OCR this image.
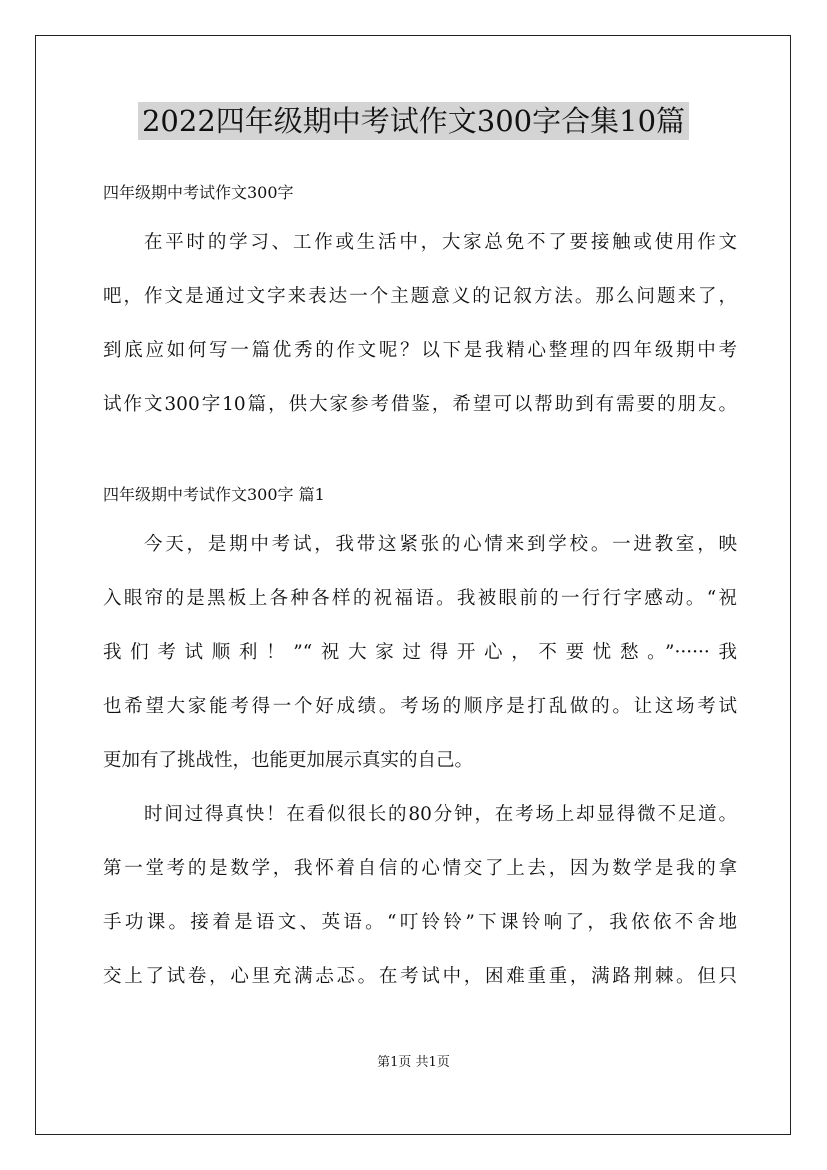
2022四年级期中考试作文300字合集10篇
四年级期中考试作文300字
在平时的学习、工作或生活中，大家总免不了要接触或使用作文
吧，作文是通过文字来表达一个主题意义的记叙方法。那么问题来了，
到底应如何写一篇优秀的作文呢？以下是我精心整理的四年级期中考
试作文300字10篇，供大家参考借鉴，希望可以帮助到有需要的朋友。
四年级期中考试作文300字 篇1
今天，是期中考试，我带这紧张的心情来到学校。一进教室，映
入眼帘的是黑板上各种各样的祝福语。我被眼前的一行行字感动。“祝
我们考试顺利！”“祝大家过得开心，不要忧愁。”······我
也希望大家能考得一个好成绩。考场的顺序是打乱做的。让这场考试
更加有了挑战性，也能更加展示真实的自己。
时间过得真快！在看似很长的80分钟，在考场上却显得微不足道。
第一堂考的是数学，我怀着自信的心情交了上去，因为数学是我的拿
手功课。接着是语文、英语。“叮铃铃”下课铃响了，我依依不舍地
交上了试卷，心里充满忐忑。在考试中，困难重重，满路荆棘。但只
第1页 共1页
